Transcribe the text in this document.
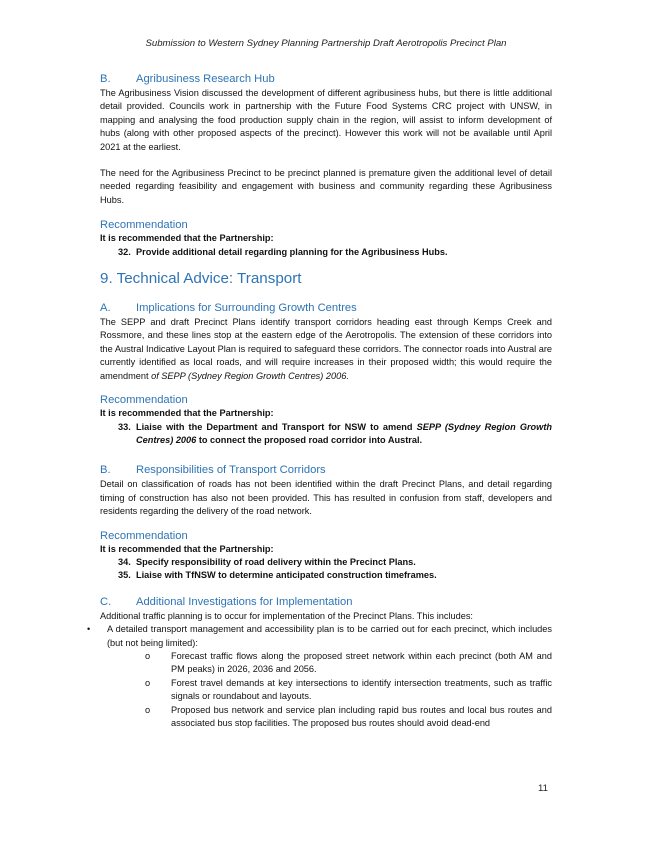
Submission to Western Sydney Planning Partnership Draft Aerotropolis Precinct Plan
B.	Agribusiness Research Hub

The Agribusiness Vision discussed the development of different agribusiness hubs, but there is little additional detail provided. Councils work in partnership with the Future Food Systems CRC project with UNSW, in mapping and analysing the food production supply chain in the region, will assist to inform development of hubs (along with other proposed aspects of the precinct). However this work will not be available until April 2021 at the earliest.

The need for the Agribusiness Precinct to be precinct planned is premature given the additional level of detail needed regarding feasibility and engagement with business and community regarding these Agribusiness Hubs.

Recommendation
It is recommended that the Partnership:
32. Provide additional detail regarding planning for the Agribusiness Hubs.
9. Technical Advice: Transport
A.	Implications for Surrounding Growth Centres

The SEPP and draft Precinct Plans identify transport corridors heading east through Kemps Creek and Rossmore, and these lines stop at the eastern edge of the Aerotropolis. The extension of these corridors into the Austral Indicative Layout Plan is required to safeguard these corridors. The connector roads into Austral are currently identified as local roads, and will require increases in their proposed width; this would require the amendment of SEPP (Sydney Region Growth Centres) 2006.

Recommendation
It is recommended that the Partnership:
33. Liaise with the Department and Transport for NSW to amend SEPP (Sydney Region Growth Centres) 2006 to connect the proposed road corridor into Austral.
B.	Responsibilities of Transport Corridors

Detail on classification of roads has not been identified within the draft Precinct Plans, and detail regarding timing of construction has also not been provided. This has resulted in confusion from staff, developers and residents regarding the delivery of the road network.

Recommendation
It is recommended that the Partnership:
34. Specify responsibility of road delivery within the Precinct Plans.
35. Liaise with TfNSW to determine anticipated construction timeframes.
C.	Additional Investigations for Implementation

Additional traffic planning is to occur for implementation of the Precinct Plans. This includes:

•	A detailed transport management and accessibility plan is to be carried out for each precinct, which includes (but not being limited):
o	Forecast traffic flows along the proposed street network within each precinct (both AM and PM peaks) in 2026, 2036 and 2056.
o	Forest travel demands at key intersections to identify intersection treatments, such as traffic signals or roundabout and layouts.
o	Proposed bus network and service plan including rapid bus routes and local bus routes and associated bus stop facilities. The proposed bus routes should avoid dead-end
11
